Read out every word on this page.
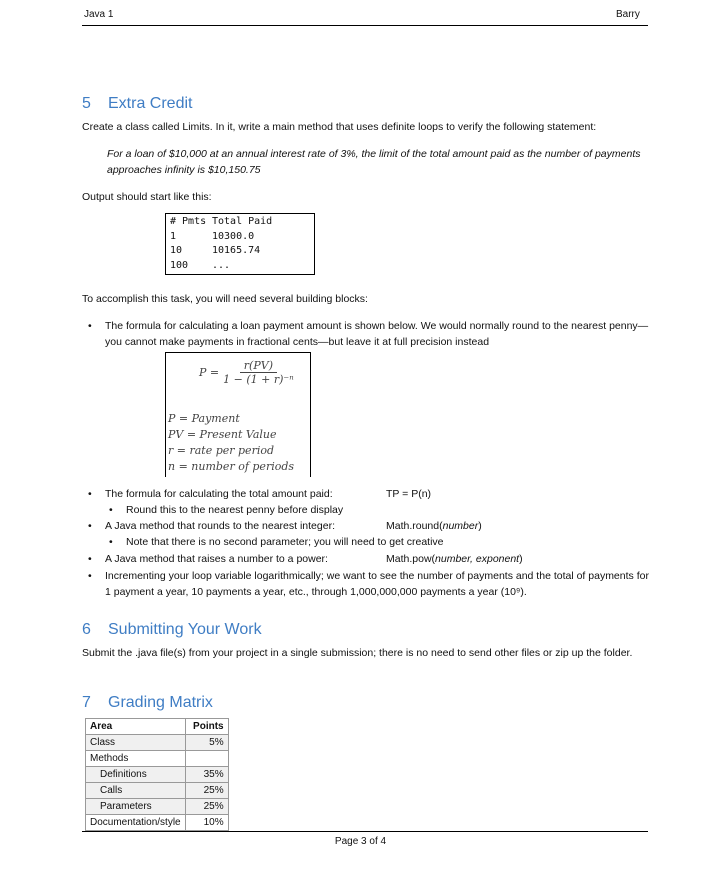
Java 1	Barry
5 Extra Credit

Create a class called Limits. In it, write a main method that uses definite loops to verify the following statement:

For a loan of $10,000 at an annual interest rate of 3%, the limit of the total amount paid as the number of payments approaches infinity is $10,150.75

Output should start like this:

# Pmts Total Paid
1	10300.0
10	10165.74
100	...

To accomplish this task, you will need several building blocks:

• The formula for calculating a loan payment amount is shown below. We would normally round to the nearest penny—you cannot make payments in fractional cents—but leave it at full precision instead
• The formula for calculating the total amount paid:	TP = P(n)
• Round this to the nearest penny before display
• A Java method that rounds to the nearest integer:	Math.round(number)
• Note that there is no second parameter; you will need to get creative
• A Java method that raises a number to a power:	Math.pow(number, exponent)
• Incrementing your loop variable logarithmically; we want to see the number of payments and the total of payments for 1 payment a year, 10 payments a year, etc., through 1,000,000,000 payments a year (10⁹).
$P = \frac{r(PV)}{\text{1 − (1 + r)⁻ⁿ}}$
P = Payment
PV = Present Value
r = rate per period
n = number of periods
6 Submitting Your Work

Submit the .java file(s) from your project in a single submission; there is no need to send other files or zip up the folder.

7 Grading Matrix
Area	Points
Class	5%
Methods	
Definitions	35%
Calls	25%
Parameters	25%
Documentation/style	10%
Page 3 of 4
